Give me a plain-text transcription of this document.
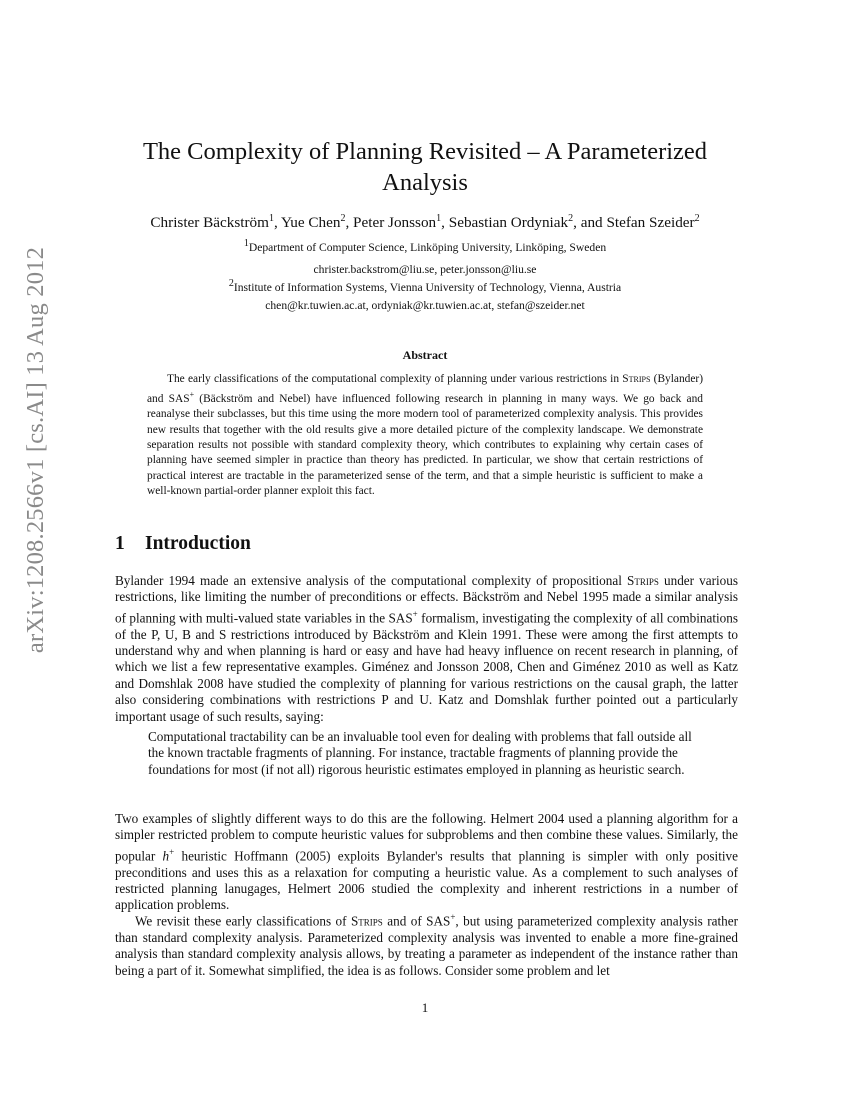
arXiv:1208.2566v1 [cs.AI] 13 Aug 2012
The Complexity of Planning Revisited – A Parameterized Analysis
Christer Bäckström$^1$, Yue Chen$^2$, Peter Jonsson$^1$, Sebastian Ordyniak$^2$, and Stefan Szeider$^2$
$^1$Department of Computer Science, Linköping University, Linköping, Sweden
christer.backstrom@liu.se, peter.jonsson@liu.se
$^2$Institute of Information Systems, Vienna University of Technology, Vienna, Austria
chen@kr.tuwien.ac.at, ordyniak@kr.tuwien.ac.at, stefan@szeider.net
Abstract

The early classifications of the computational complexity of planning under various restrictions in Strips (Bylander) and SAS+ (Bäckström and Nebel) have influenced following research in planning in many ways. We go back and reanalyse their subclasses, but this time using the more modern tool of parameterized complexity analysis. This provides new results that together with the old results give a more detailed picture of the complexity landscape. We demonstrate separation results not possible with standard complexity theory, which contributes to explaining why certain cases of planning have seemed simpler in practice than theory has predicted. In particular, we show that certain restrictions of practical interest are tractable in the parameterized sense of the term, and that a simple heuristic is sufficient to make a well-known partial-order planner exploit this fact.

1 Introduction

Bylander 1994 made an extensive analysis of the computational complexity of propositional Strips under various restrictions, like limiting the number of preconditions or effects. Bäckström and Nebel 1995 made a similar analysis of planning with multi-valued state variables in the SAS+ formalism, investigating the complexity of all combinations of the P, U, B and S restrictions introduced by Bäckström and Klein 1991. These were among the first attempts to understand why and when planning is hard or easy and have had heavy influence on recent research in planning, of which we list a few representative examples. Giménez and Jonsson 2008, Chen and Giménez 2010 as well as Katz and Domshlak 2008 have studied the complexity of planning for various restrictions on the causal graph, the latter also considering combinations with restrictions P and U. Katz and Domshlak further pointed out a particularly important usage of such results, saying:

Computational tractability can be an invaluable tool even for dealing with problems that fall outside all the known tractable fragments of planning. For instance, tractable fragments of planning provide the foundations for most (if not all) rigorous heuristic estimates employed in planning as heuristic search.

Two examples of slightly different ways to do this are the following. Helmert 2004 used a planning algorithm for a simpler restricted problem to compute heuristic values for subproblems and then combine these values. Similarly, the popular h+ heuristic Hoffmann (2005) exploits Bylander's results that planning is simpler with only positive preconditions and uses this as a relaxation for computing a heuristic value. As a complement to such analyses of restricted planning lanugages, Helmert 2006 studied the complexity and inherent restrictions in a number of application problems.

We revisit these early classifications of Strips and of SAS+, but using parameterized complexity analysis rather than standard complexity analysis. Parameterized complexity analysis was invented to enable a more fine-grained analysis than standard complexity analysis allows, by treating a parameter as independent of the instance rather than being a part of it. Somewhat simplified, the idea is as follows. Consider some problem and let

1
